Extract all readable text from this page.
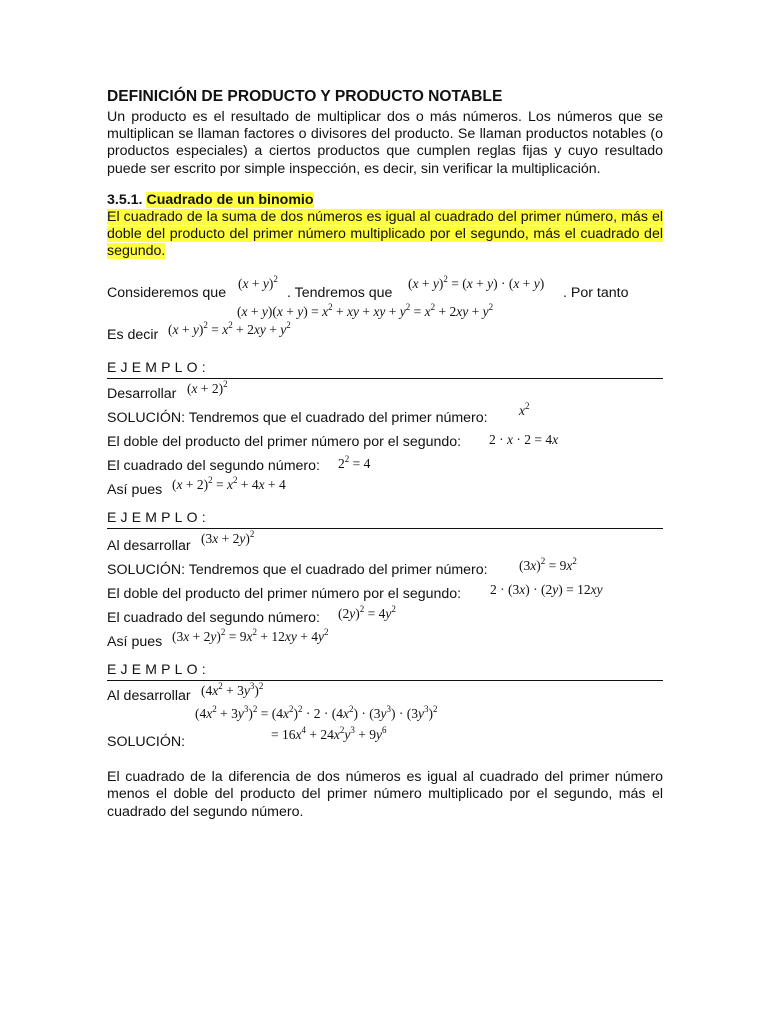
DEFINICIÓN DE PRODUCTO Y PRODUCTO NOTABLE

Un producto es el resultado de multiplicar dos o más números. Los números que se multiplican se llaman factores o divisores del producto. Se llaman productos notables (o productos especiales) a ciertos productos que cumplen reglas fijas y cuyo resultado puede ser escrito por simple inspección, es decir, sin verificar la multiplicación.

3.5.1. Cuadrado de un binomio

El cuadrado de la suma de dos números es igual al cuadrado del primer número, más el doble del producto del primer número multiplicado por el segundo, más el cuadrado del segundo.

Consideremos que
$(x + y)^2$
. Tendremos que
$(x + y)^2 = (x + y) \cdot (x + y)$
. Por tanto
$(x + y)(x + y) = x^2$ + xy + xy + $y^2 = x^2 + 2xy + y^2$
Es decir $(x + y)^2 = x^2 + 2xy + y^2$
EJEMPLO:
Desarrollar $(x + 2)^2$
SOLUCIÓN: Tendremos que el cuadrado del primer número: $x^2$
El doble del producto del primer número por el segundo: 2 · x · 2 = 4x
El cuadrado del segundo número: $2^2 = 4$
Así pues $(x + 2)^2 = x^2 + 4x + 4$
EJEMPLO:
Al desarrollar $(3x + 2y)^2$
SOLUCIÓN: Tendremos que el cuadrado del primer número: $(3x)^2 = 9x^2$
El doble del producto del primer número por el segundo: 2 · (3x) · (2y) = 12xy
El cuadrado del segundo número: $(2y)^2 = 4y^2$
Así pues $(3x + 2y)^2 = 9x^2 + 12xy + 4y^2$
EJEMPLO:
Al desarrollar $(4x^2 + 3y^3)^2$
$(4x^2 + 3y^3)^2 = (4x^2)^2 \cdot 2 \cdot (4x^2) \cdot (3y^3) \cdot (3y^3)^2$
SOLUCIÓN:	= $16x^4 + 24x^2y^3 + 9y^6$

El cuadrado de la diferencia de dos números es igual al cuadrado del primer número menos el doble del producto del primer número multiplicado por el segundo, más el cuadrado del segundo número.
